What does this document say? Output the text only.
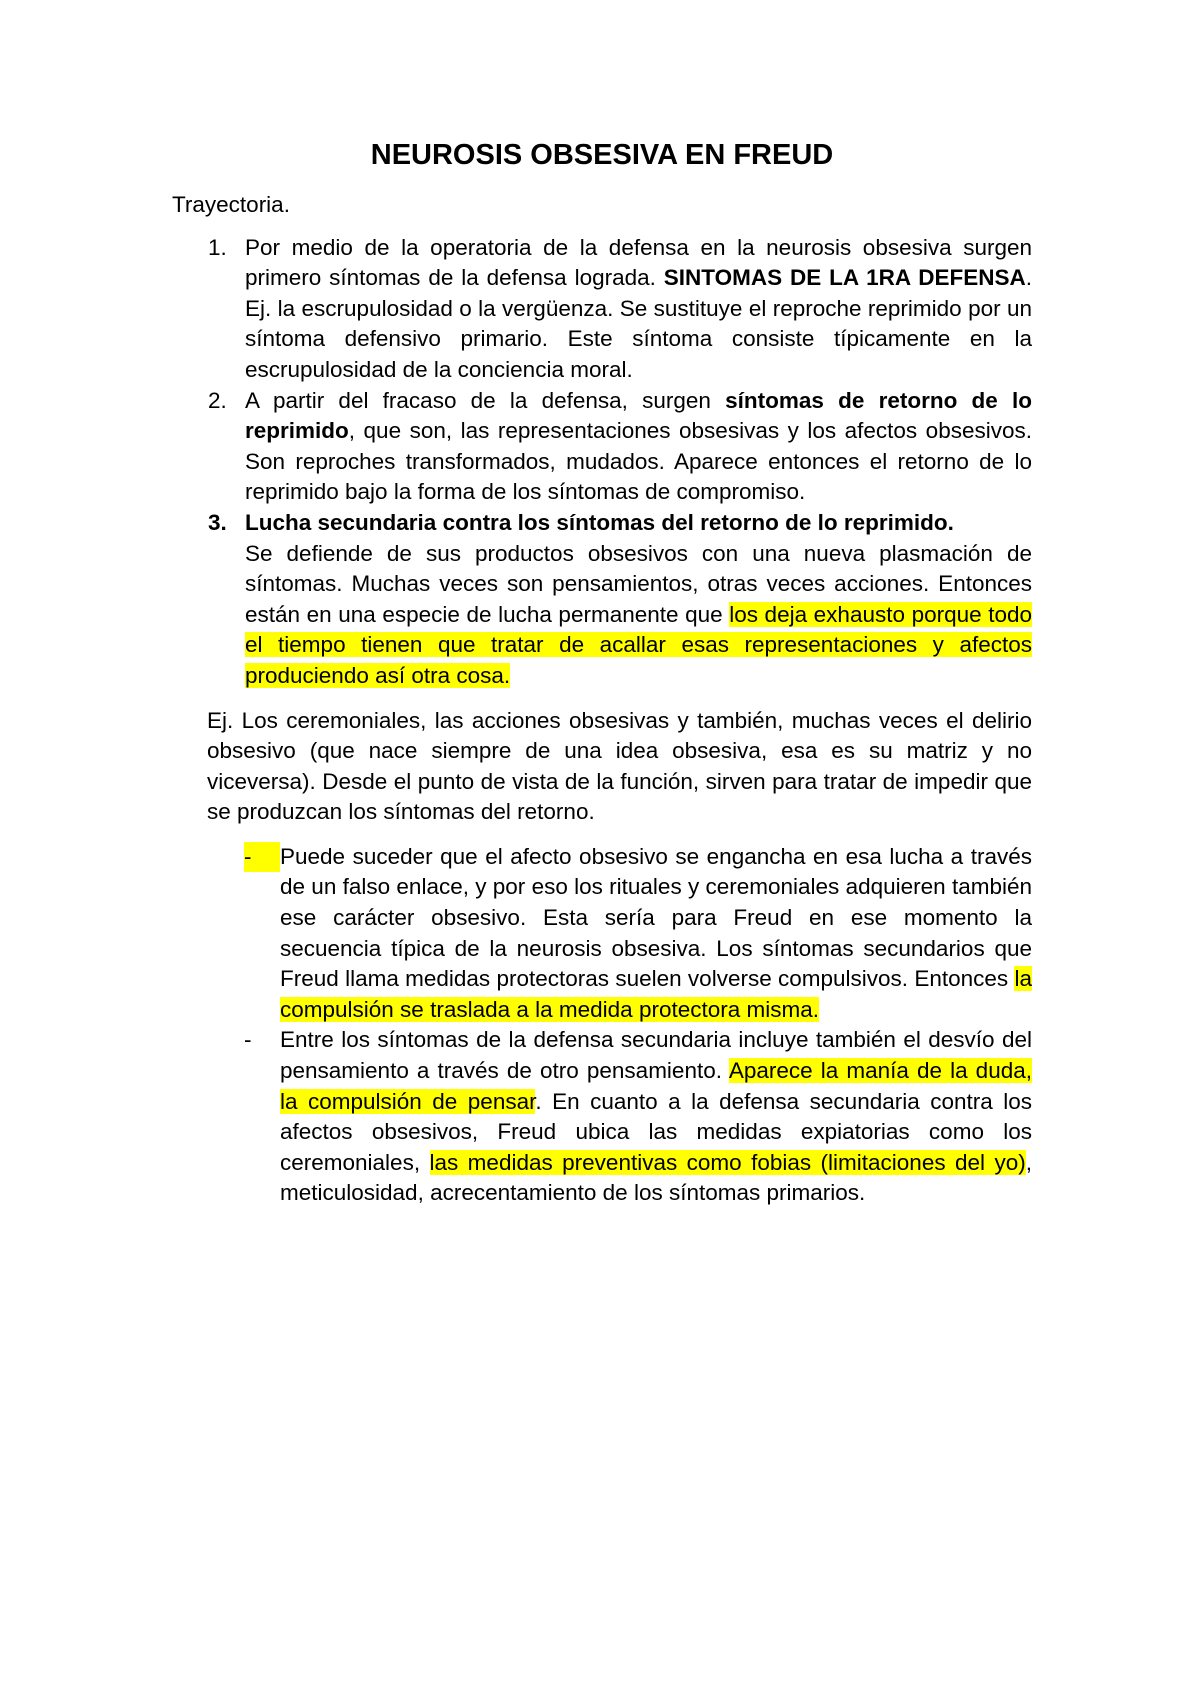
NEUROSIS OBSESIVA EN FREUD

Trayectoria.

1. Por medio de la operatoria de la defensa en la neurosis obsesiva surgen primero síntomas de la defensa lograda. SINTOMAS DE LA 1RA DEFENSA. Ej. la escrupulosidad o la vergüenza. Se sustituye el reproche reprimido por un síntoma defensivo primario. Este síntoma consiste típicamente en la escrupulosidad de la conciencia moral.
2. A partir del fracaso de la defensa, surgen síntomas de retorno de lo reprimido, que son, las representaciones obsesivas y los afectos obsesivos. Son reproches transformados, mudados. Aparece entonces el retorno de lo reprimido bajo la forma de los síntomas de compromiso.
3. Lucha secundaria contra los síntomas del retorno de lo reprimido.
Se defiende de sus productos obsesivos con una nueva plasmación de síntomas. Muchas veces son pensamientos, otras veces acciones. Entonces están en una especie de lucha permanente que los deja exhausto porque todo el tiempo tienen que tratar de acallar esas representaciones y afectos produciendo así otra cosa.

Ej. Los ceremoniales, las acciones obsesivas y también, muchas veces el delirio obsesivo (que nace siempre de una idea obsesiva, esa es su matriz y no viceversa). Desde el punto de vista de la función, sirven para tratar de impedir que se produzcan los síntomas del retorno.

-	Puede suceder que el afecto obsesivo se engancha en esa lucha a través de un falso enlace, y por eso los rituales y ceremoniales adquieren también ese carácter obsesivo. Esta sería para Freud en ese momento la secuencia típica de la neurosis obsesiva. Los síntomas secundarios que Freud llama medidas protectoras suelen volverse compulsivos. Entonces la compulsión se traslada a la medida protectora misma.
-	Entre los síntomas de la defensa secundaria incluye también el desvío del pensamiento a través de otro pensamiento. Aparece la manía de la duda, la compulsión de pensar. En cuanto a la defensa secundaria contra los afectos obsesivos, Freud ubica las medidas expiatorias como los ceremoniales, las medidas preventivas como fobias (limitaciones del yo), meticulosidad, acrecentamiento de los síntomas primarios.
